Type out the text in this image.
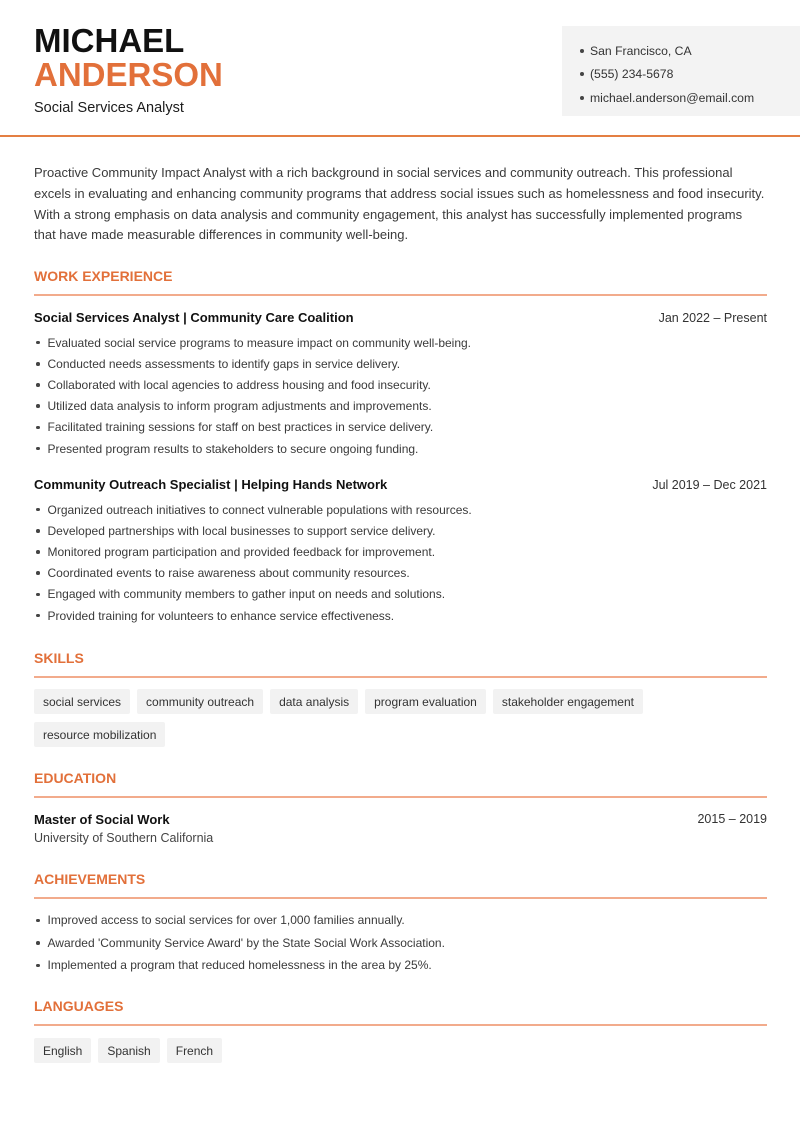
MICHAEL
ANDERSON
Social Services Analyst
San Francisco, CA
(555) 234-5678
michael.anderson@email.com

Proactive Community Impact Analyst with a rich background in social services and community outreach. This professional excels in evaluating and enhancing community programs that address social issues such as homelessness and food insecurity. With a strong emphasis on data analysis and community engagement, this analyst has successfully implemented programs that have made measurable differences in community well-being.

WORK EXPERIENCE
Social Services Analyst | Community Care Coalition	Jan 2022 – Present
Evaluated social service programs to measure impact on community well-being.
Conducted needs assessments to identify gaps in service delivery.
Collaborated with local agencies to address housing and food insecurity.
Utilized data analysis to inform program adjustments and improvements.
Facilitated training sessions for staff on best practices in service delivery.
Presented program results to stakeholders to secure ongoing funding.
Community Outreach Specialist | Helping Hands Network	Jul 2019 – Dec 2021
Organized outreach initiatives to connect vulnerable populations with resources.
Developed partnerships with local businesses to support service delivery.
Monitored program participation and provided feedback for improvement.
Coordinated events to raise awareness about community resources.
Engaged with community members to gather input on needs and solutions.
Provided training for volunteers to enhance service effectiveness.
SKILLS
social services	community outreach	data analysis	program evaluation	stakeholder engagement
resource mobilization
EDUCATION
Master of Social Work	2015 – 2019
University of Southern California
ACHIEVEMENTS
Improved access to social services for over 1,000 families annually.
Awarded 'Community Service Award' by the State Social Work Association.
Implemented a program that reduced homelessness in the area by 25%.
LANGUAGES
English	Spanish	French
